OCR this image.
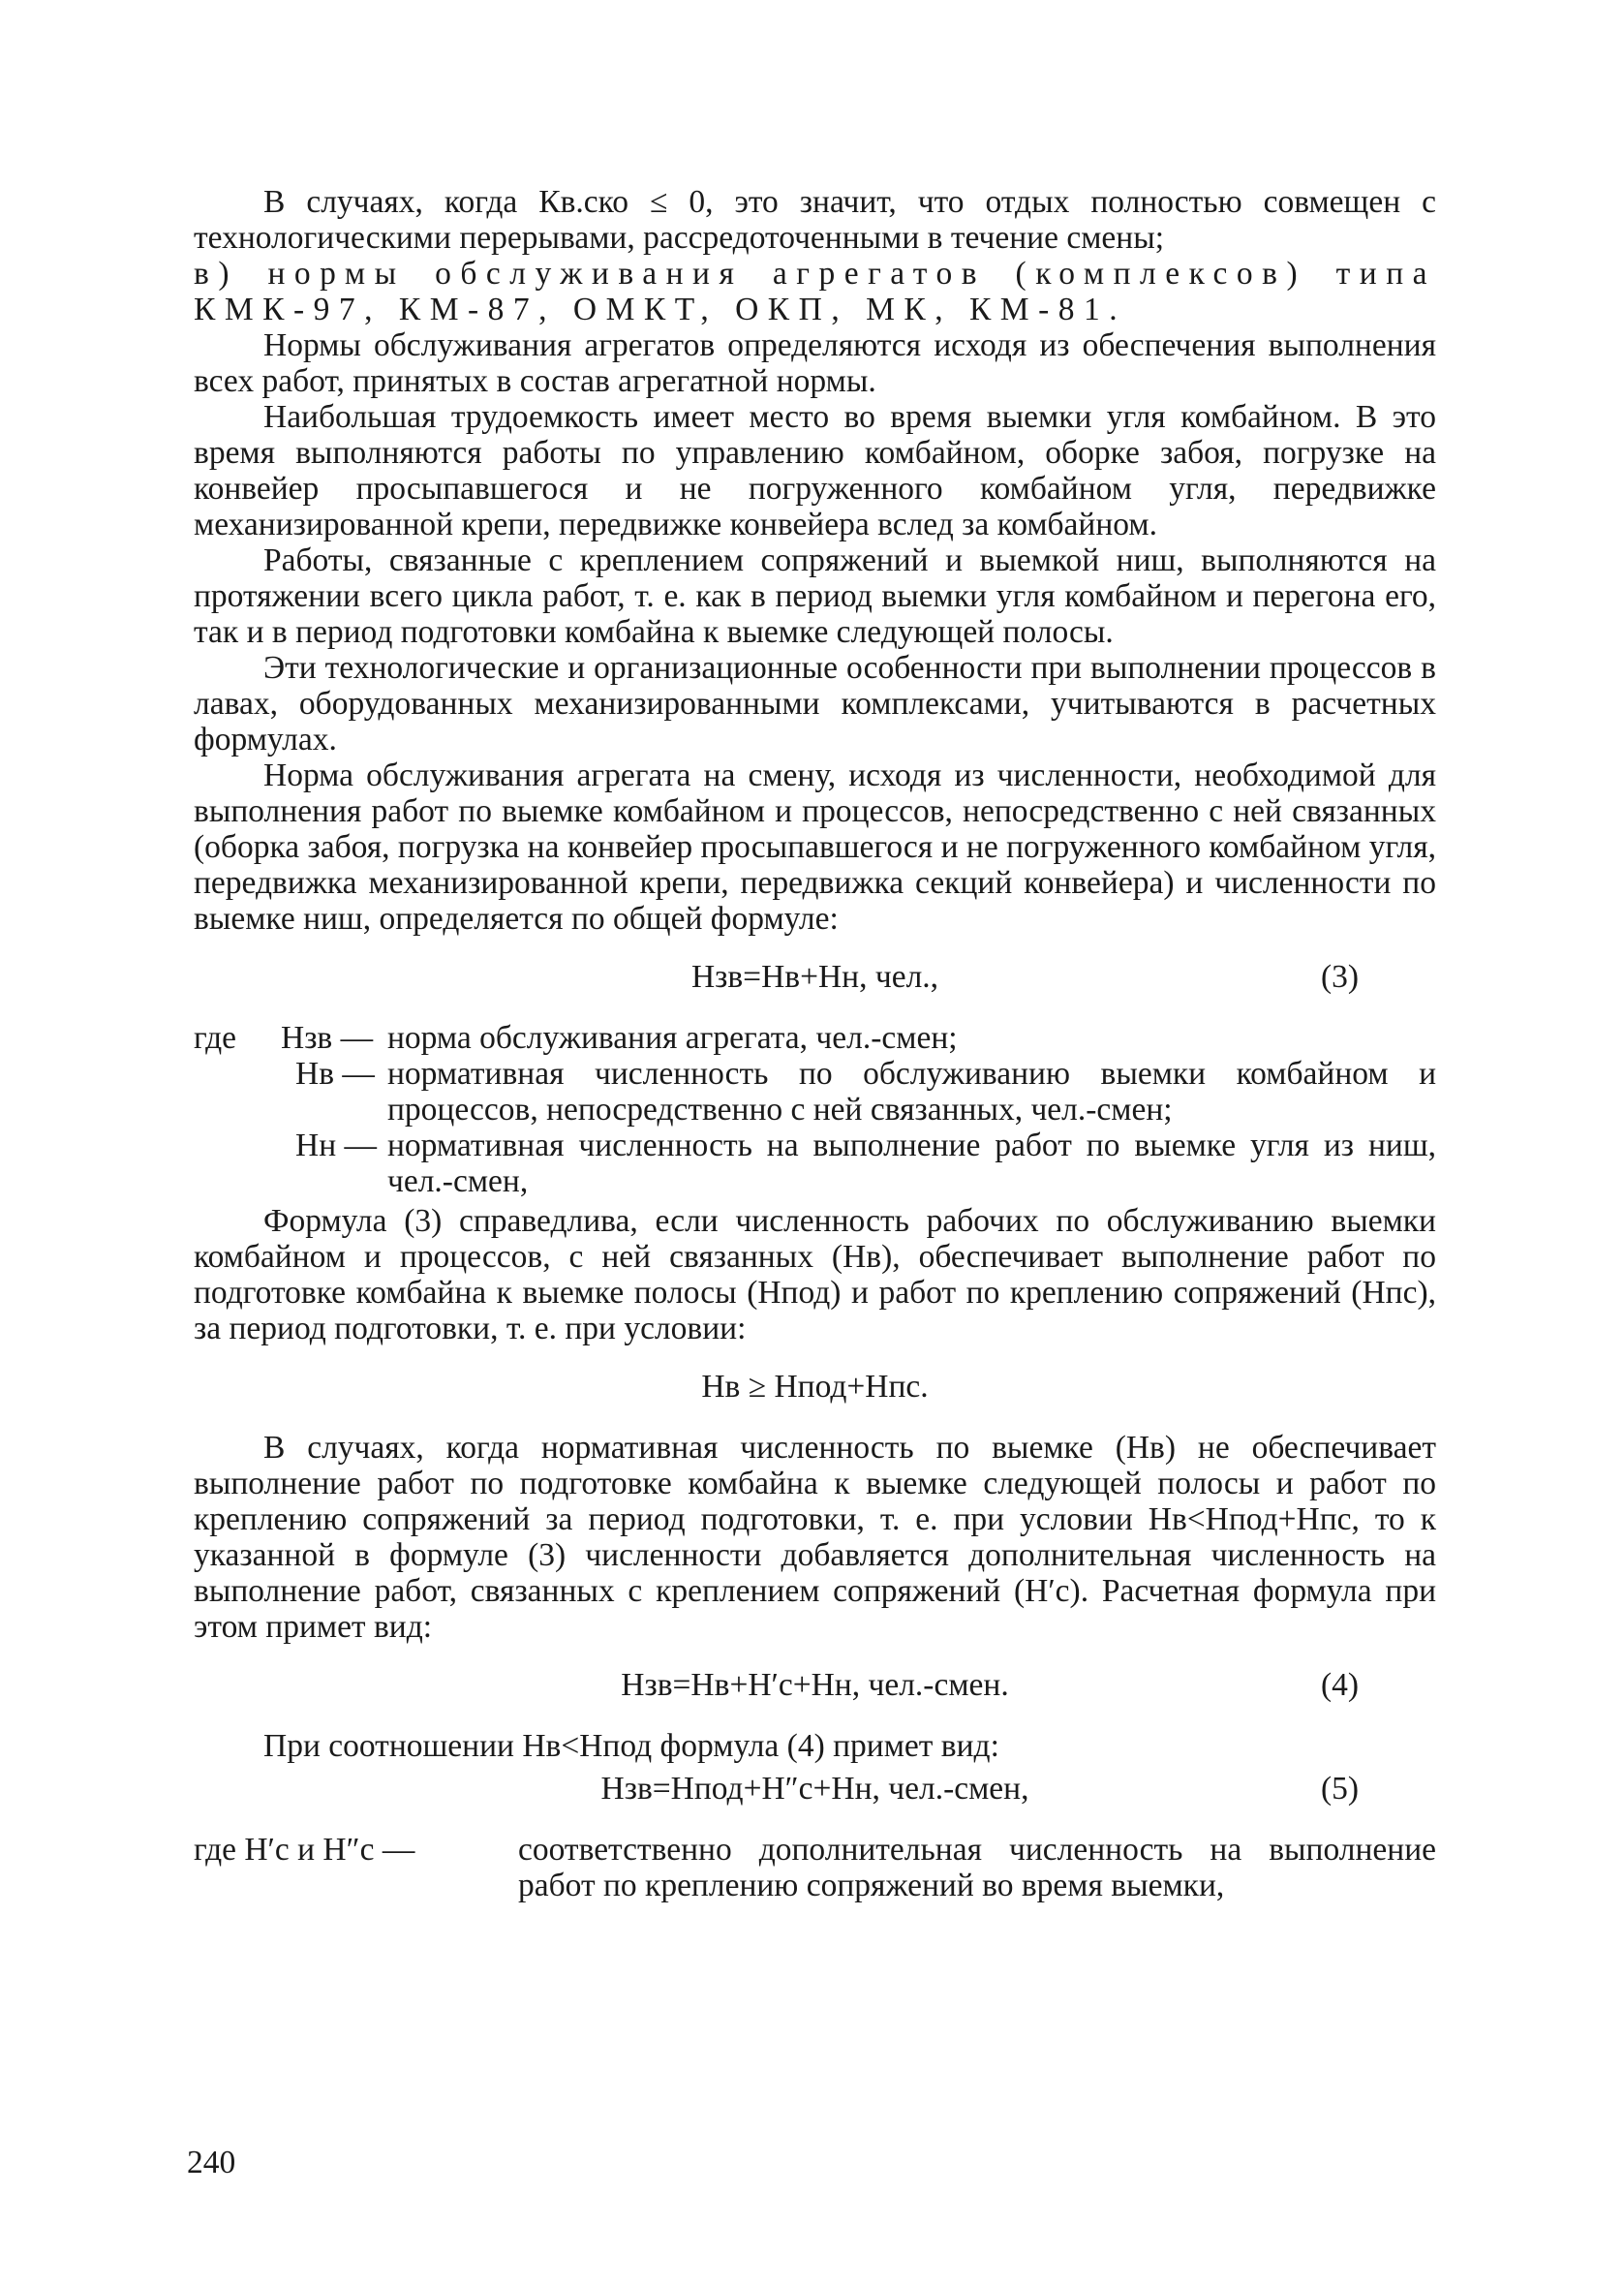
В случаях, когда Кв.ско ≤ 0, это значит, что отдых полностью совмещен с технологическими перерывами, рассредоточенными в течение смены;

в) нормы обслуживания агрегатов (комплексов) типа КМК-97, КМ-87, ОМКТ, ОКП, МК, КМ-81.

Нормы обслуживания агрегатов определяются исходя из обеспечения выполнения всех работ, принятых в состав агрегатной нормы.

Наибольшая трудоемкость имеет место во время выемки угля комбайном. В это время выполняются работы по управлению комбайном, оборке забоя, погрузке на конвейер просыпавшегося и не погруженного комбайном угля, передвижке механизированной крепи, передвижке конвейера вслед за комбайном.

Работы, связанные с креплением сопряжений и выемкой ниш, выполняются на протяжении всего цикла работ, т. е. как в период выемки угля комбайном и перегона его, так и в период подготовки комбайна к выемке следующей полосы.

Эти технологические и организационные особенности при выполнении процессов в лавах, оборудованных механизированными комплексами, учитываются в расчетных формулах.

Норма обслуживания агрегата на смену, исходя из численности, необходимой для выполнения работ по выемке комбайном и процессов, непосредственно с ней связанных (оборка забоя, погрузка на конвейер просыпавшегося и не погруженного комбайном угля, передвижка механизированной крепи, передвижка секций конвейера) и численности по выемке ниш, определяется по общей формуле:

Нзв=Нв+Нн, чел.,	(3)
где	Нзв — норма обслуживания агрегата, чел.-смен;
Нв — нормативная численность по обслуживанию выемки комбайном и процессов, непосредственно с ней связанных, чел.-смен;
Нн — нормативная численность на выполнение работ по выемке угля из ниш, чел.-смен,

Формула (3) справедлива, если численность рабочих по обслуживанию выемки комбайном и процессов, с ней связанных (Нв), обеспечивает выполнение работ по подготовке комбайна к выемке полосы (Нпод) и работ по креплению сопряжений (Нпс), за период подготовки, т. е. при условии:

Нв ≥ Нпод+Нпс.

В случаях, когда нормативная численность по выемке (Нв) не обеспечивает выполнение работ по подготовке комбайна к выемке следующей полосы и работ по креплению сопряжений за период подготовки, т. е. при условии Нв<Нпод+Нпс, то к указанной в формуле (3) численности добавляется дополнительная численность на выполнение работ, связанных с креплением сопряжений (Н′с). Расчетная формула при этом примет вид:

Нзв=Нв+Н′с+Нн, чел.-смен.	(4)

При соотношении Нв<Нпод формула (4) примет вид:

Нзв=Нпод+Н″с+Нн, чел.-смен,	(5)
где Н′с и Н″с —	соответственно дополнительная численность на выполнение работ по креплению сопряжений во время выемки,
240
